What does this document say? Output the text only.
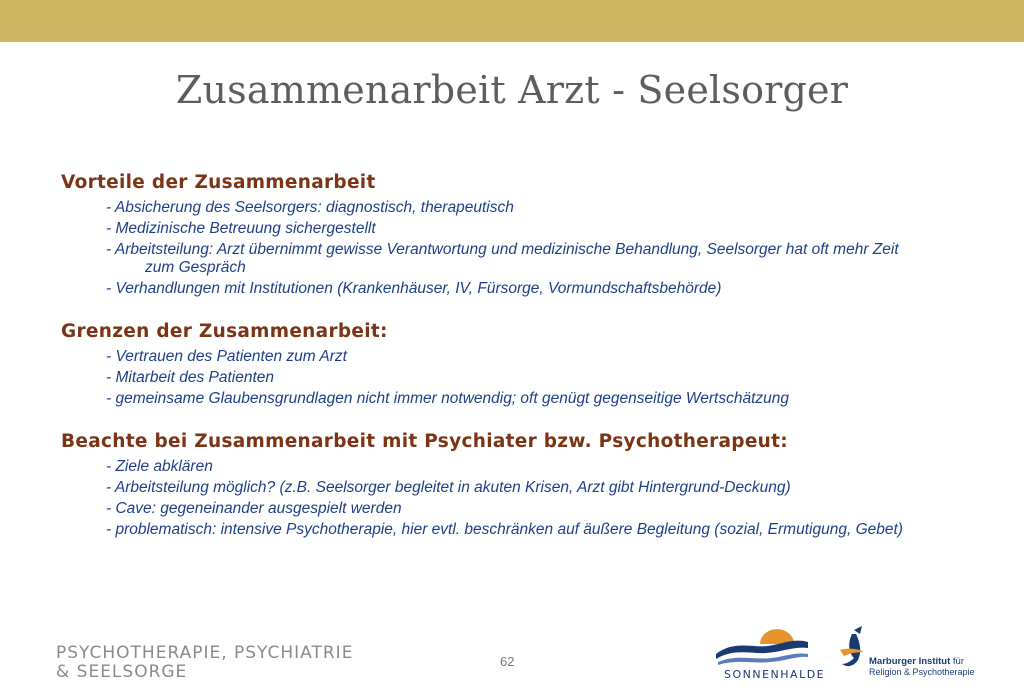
Zusammenarbeit Arzt - Seelsorger
Vorteile der Zusammenarbeit
- Absicherung des Seelsorgers: diagnostisch, therapeutisch
- Medizinische Betreuung sichergestellt
- Arbeitsteilung: Arzt übernimmt gewisse Verantwortung und medizinische Behandlung, Seelsorger hat oft mehr Zeit
zum Gespräch
- Verhandlungen mit Institutionen (Krankenhäuser, IV, Fürsorge, Vormundschaftsbehörde)
Grenzen der Zusammenarbeit:
- Vertrauen des Patienten zum Arzt
- Mitarbeit des Patienten
- gemeinsame Glaubensgrundlagen nicht immer notwendig; oft genügt gegenseitige Wertschätzung
Beachte bei Zusammenarbeit mit Psychiater bzw. Psychotherapeut:
- Ziele abklären
- Arbeitsteilung möglich? (z.B. Seelsorger begleitet in akuten Krisen, Arzt gibt Hintergrund-Deckung)
- Cave: gegeneinander ausgespielt werden
- problematisch: intensive Psychotherapie, hier evtl. beschränken auf äußere Begleitung (sozial, Ermutigung, Gebet)
PSYCHOTHERAPIE, PSYCHIATRIE
& SEELSORGE
62
SONNENHALDE
Marburger Institut für
Religion & Psychotherapie
